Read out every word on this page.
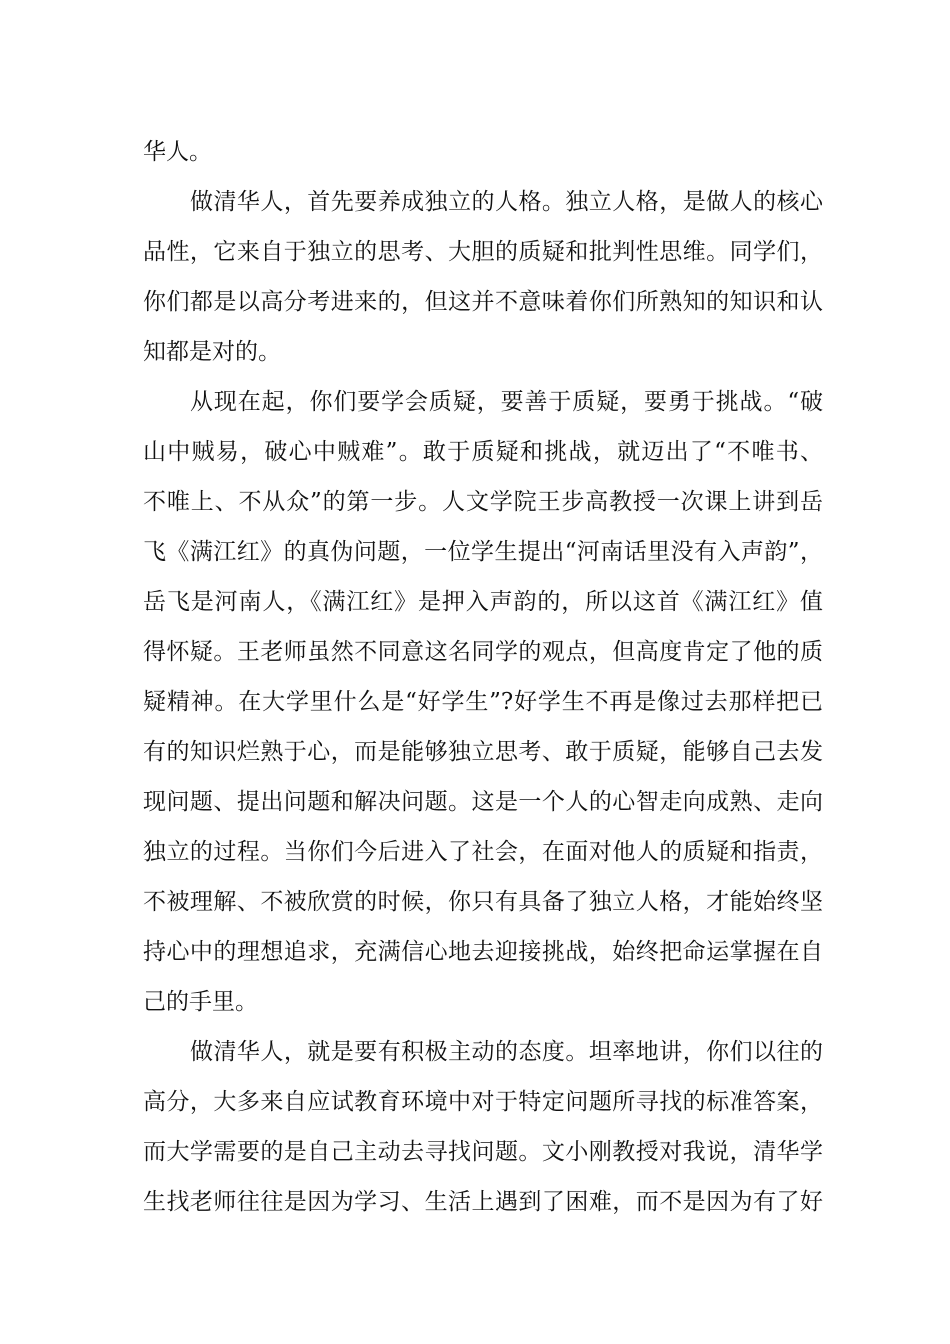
华人。
做清华人，首先要养成独立的人格。独立人格，是做人的核心
品性，它来自于独立的思考、大胆的质疑和批判性思维。同学们，
你们都是以高分考进来的，但这并不意味着你们所熟知的知识和认
知都是对的。
从现在起，你们要学会质疑，要善于质疑，要勇于挑战。“破
山中贼易，破心中贼难”。敢于质疑和挑战，就迈出了“不唯书、
不唯上、不从众”的第一步。人文学院王步高教授一次课上讲到岳
飞《满江红》的真伪问题，一位学生提出“河南话里没有入声韵”，
岳飞是河南人，《满江红》是押入声韵的，所以这首《满江红》值
得怀疑。王老师虽然不同意这名同学的观点，但高度肯定了他的质
疑精神。在大学里什么是“好学生”?好学生不再是像过去那样把已
有的知识烂熟于心，而是能够独立思考、敢于质疑，能够自己去发
现问题、提出问题和解决问题。这是一个人的心智走向成熟、走向
独立的过程。当你们今后进入了社会，在面对他人的质疑和指责，
不被理解、不被欣赏的时候，你只有具备了独立人格，才能始终坚
持心中的理想追求，充满信心地去迎接挑战，始终把命运掌握在自
己的手里。
做清华人，就是要有积极主动的态度。坦率地讲，你们以往的
高分，大多来自应试教育环境中对于特定问题所寻找的标准答案，
而大学需要的是自己主动去寻找问题。文小刚教授对我说，清华学
生找老师往往是因为学习、生活上遇到了困难，而不是因为有了好
